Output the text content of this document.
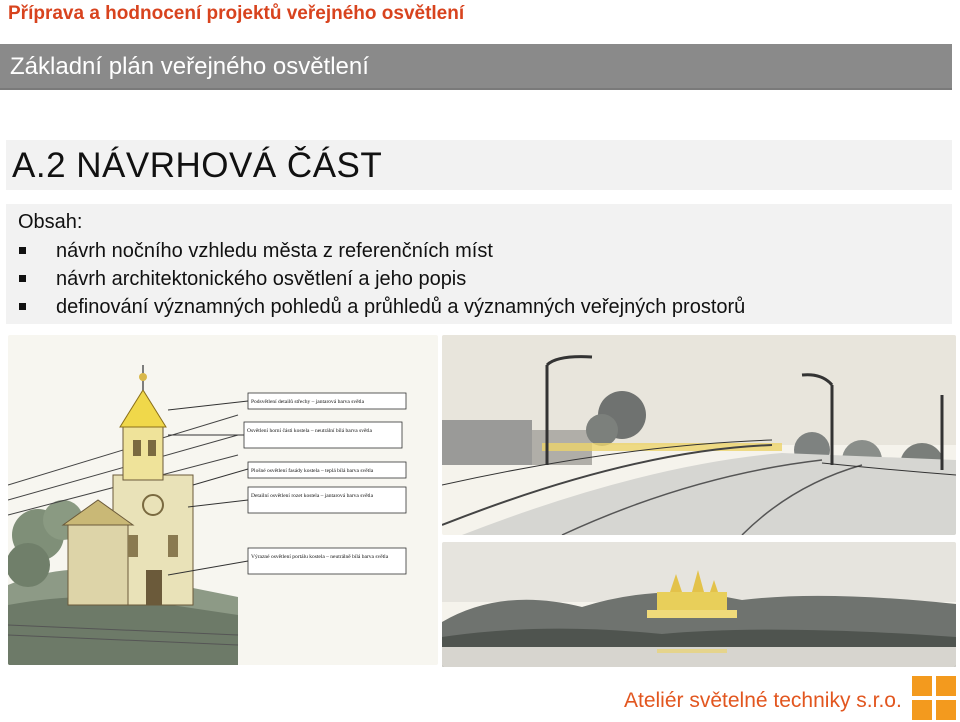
Příprava a hodnocení projektů veřejného osvětlení
Základní plán veřejného osvětlení
A.2 NÁVRHOVÁ ČÁST
Obsah:
návrh nočního vzhledu města z referenčních míst
návrh architektonického osvětlení a jeho popis
definování významných pohledů a průhledů a významných veřejných prostorů
Podsvětlení detailů střechy – jantarová barva světla
Osvětlení horní části kostela – neutrální bílá barva světla
Plošné osvětlení fasády kostela – teplá bílá barva světla
Detailní osvětlení rozet kostela – jantarová barva světla
Výrazné osvětlení portálu kostela – neutrálně bílá barva světla
Ateliér světelné techniky s.r.o.
